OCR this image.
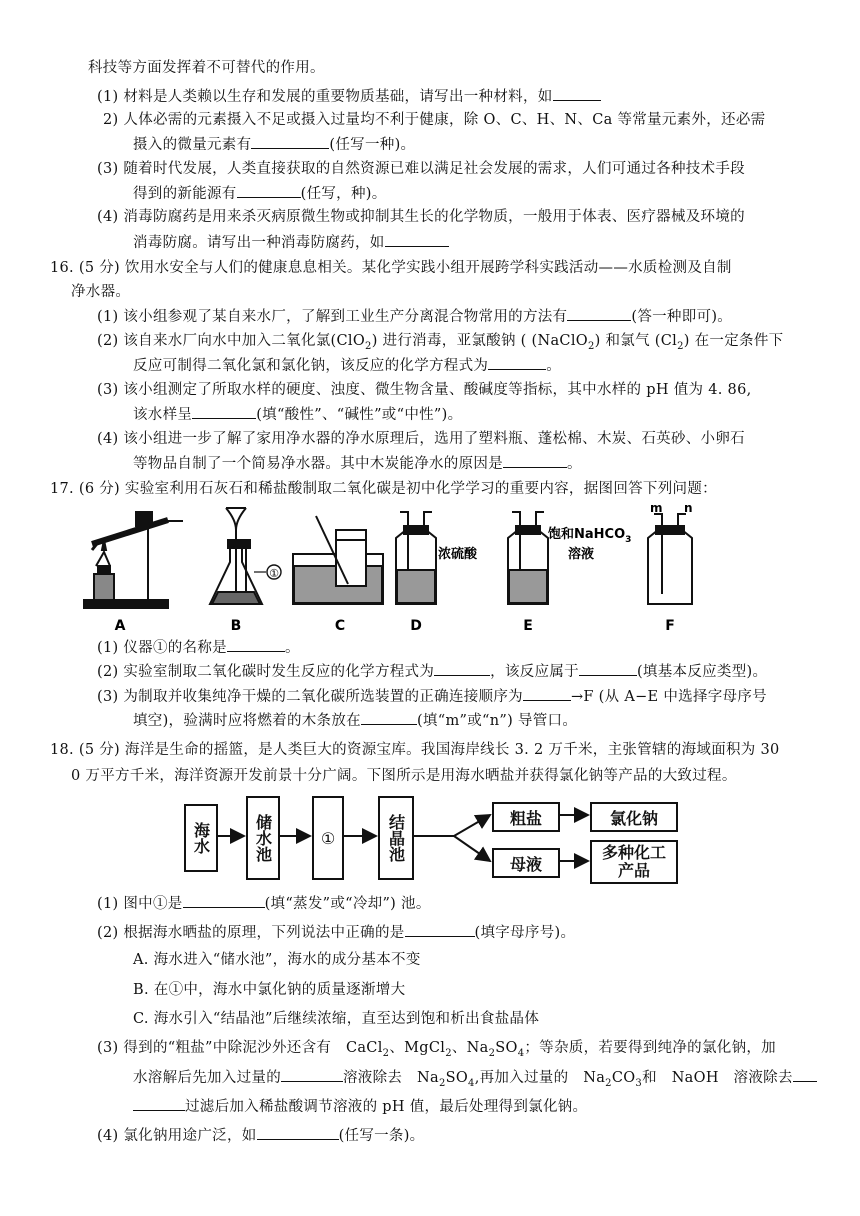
科技等方面发挥着不可替代的作用。
(1) 材料是人类赖以生存和发展的重要物质基础，请写出一种材料，如
2) 人体必需的元素摄入不足或摄入过量均不利于健康，除 O、C、H、N、Ca 等常量元素外，还必需
摄入的微量元素有	(任写一种)。
(3) 随着时代发展，人类直接获取的自然资源已难以满足社会发展的需求，人们可通过各种技术手段
得到的新能源有	(任写，种)。
(4) 消毒防腐药是用来杀灭病原微生物或抑制其生长的化学物质，一般用于体表、医疗器械及环境的
消毒防腐。请写出一种消毒防腐药，如
16. (5 分) 饮用水安全与人们的健康息息相关。某化学实践小组开展跨学科实践活动——水质检测及自制
净水器。
(1) 该小组参观了某自来水厂，了解到工业生产分离混合物常用的方法有	(答一种即可)。
(2) 该自来水厂向水中加入二氧化氯(ClO$_2$) 进行消毒，亚氯酸钠 ( (NaClO$_2$) 和氯气 $(Cl_2)$ 在一定条件下
反应可制得二氧化氯和氯化钠，该反应的化学方程式为	。
(3) 该小组测定了所取水样的硬度、浊度、微生物含量、酸碱度等指标，其中水样的 pH 值为 4. 86,
该水样呈	(填“酸性”、“碱性”或“中性”)。
(4) 该小组进一步了解了家用净水器的净水原理后，选用了塑料瓶、蓬松棉、木炭、石英砂、小卵石
等物品自制了一个简易净水器。其中木炭能净水的原因是	。
17. (6 分) 实验室利用石灰石和稀盐酸制取二氧化碳是初中化学学习的重要内容，据图回答下列问题：
A
①
B	C
浓硫酸
D
饱和NaHCO$_3$
溶液
E
m n
F
(1) 仪器①的名称是	。
(2) 实验室制取二氧化碳时发生反应的化学方程式为	，该反应属于	(填基本反应类型)。
(3) 为制取并收集纯净干燥的二氧化碳所选装置的正确连接顺序为	→F (从 A−E 中选择字母序号
填空)，验满时应将燃着的木条放在	(填“m”或“n”) 导管口。
18. (5 分) 海洋是生命的摇篮，是人类巨大的资源宝库。我国海岸线长 3. 2 万千米，主张管辖的海域面积为 30
0 万平方千米，海洋资源开发前景十分广阔。下图所示是用海水晒盐并获得氯化钠等产品的大致过程。
海水	储水池	①	结晶池	粗盐	氯化钠
母液
多种化工
产品
(1) 图中①是	(填“蒸发”或“冷却”) 池。
(2) 根据海水晒盐的原理，下列说法中正确的是	(填字母序号)。
A. 海水进入“储水池”，海水的成分基本不变
B. 在①中，海水中氯化钠的质量逐渐增大
C. 海水引入“结晶池”后继续浓缩，直至达到饱和析出食盐晶体
(3) 得到的“粗盐”中除泥沙外还含有　CaCl$_2$、MgCl$_2$、$Na_2SO_4$；等杂质，若要得到纯净的氯化钠，加
水溶解后先加入过量的	溶液除去　$Na_2SO_4$,再加入过量的　$Na_2CO_3$和　NaOH　溶液除去
过滤后加入稀盐酸调节溶液的 pH 值，最后处理得到氯化钠。
(4) 氯化钠用途广泛，如	(任写一条)。
